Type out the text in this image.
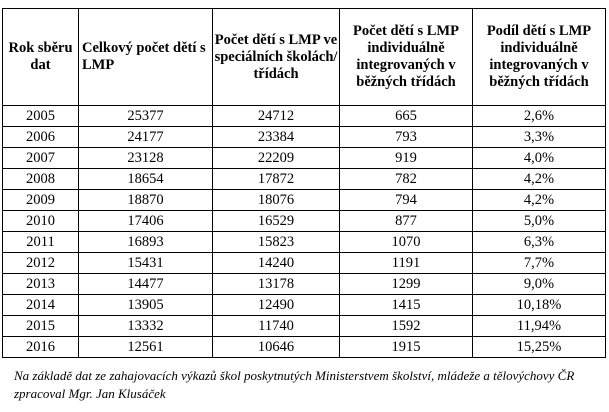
Rok sběru dat	Celkový počet dětí s LMP	Počet dětí s LMP ve speciálních školách/ třídách	Počet dětí s LMP individuálně integrovaných v běžných třídách	Podíl dětí s LMP individuálně integrovaných v běžných třídách
2005	25377	24712	665	2,6%
2006	24177	23384	793	3,3%
2007	23128	22209	919	4,0%
2008	18654	17872	782	4,2%
2009	18870	18076	794	4,2%
2010	17406	16529	877	5,0%
2011	16893	15823	1070	6,3%
2012	15431	14240	1191	7,7%
2013	14477	13178	1299	9,0%
2014	13905	12490	1415	10,18%
2015	13332	11740	1592	11,94%
2016	12561	10646	1915	15,25%
Na základě dat ze zahajovacích výkazů škol poskytnutých Ministerstvem školství, mládeže a tělovýchovy ČR zpracoval Mgr. Jan Klusáček
